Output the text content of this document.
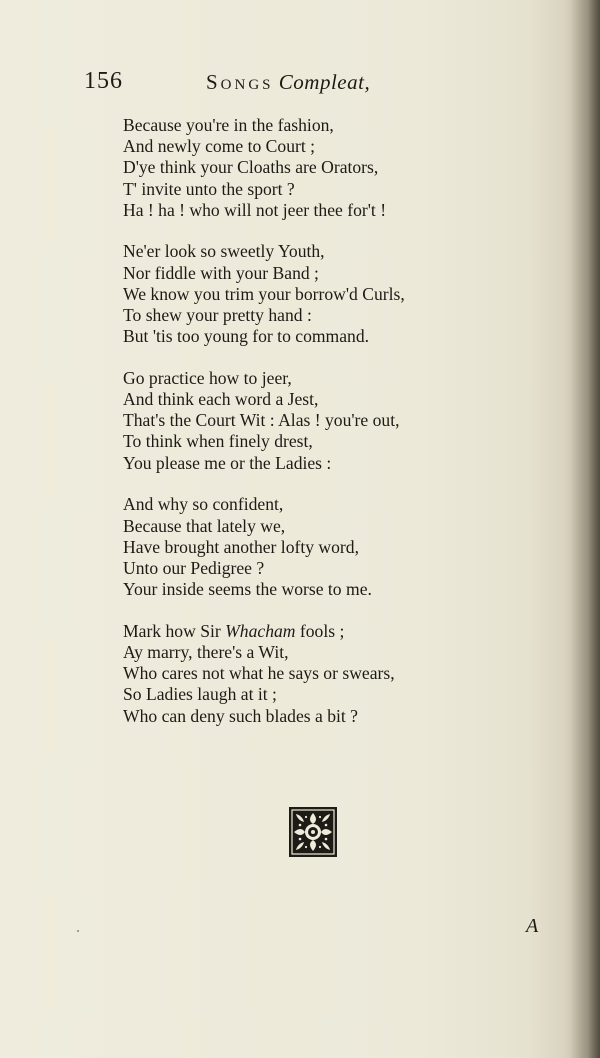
156	Songs Compleat,
Because you're in the fashion,
And newly come to Court ;
D'ye think your Cloaths are Orators,
T' invite unto the sport ?
Ha ! ha ! who will not jeer thee for't !
Ne'er look so sweetly Youth,
Nor fiddle with your Band ;
We know you trim your borrow'd Curls,
To shew your pretty hand :
But 'tis too young for to command.
Go practice how to jeer,
And think each word a Jest,
That's the Court Wit : Alas ! you're out,
To think when finely drest,
You please me or the Ladies :
And why so confident,
Because that lately we,
Have brought another lofty word,
Unto our Pedigree ?
Your inside seems the worse to me.
Mark how Sir Whacham fools ;
Ay marry, there's a Wit,
Who cares not what he says or swears,
So Ladies laugh at it ;
Who can deny such blades a bit ?
A
